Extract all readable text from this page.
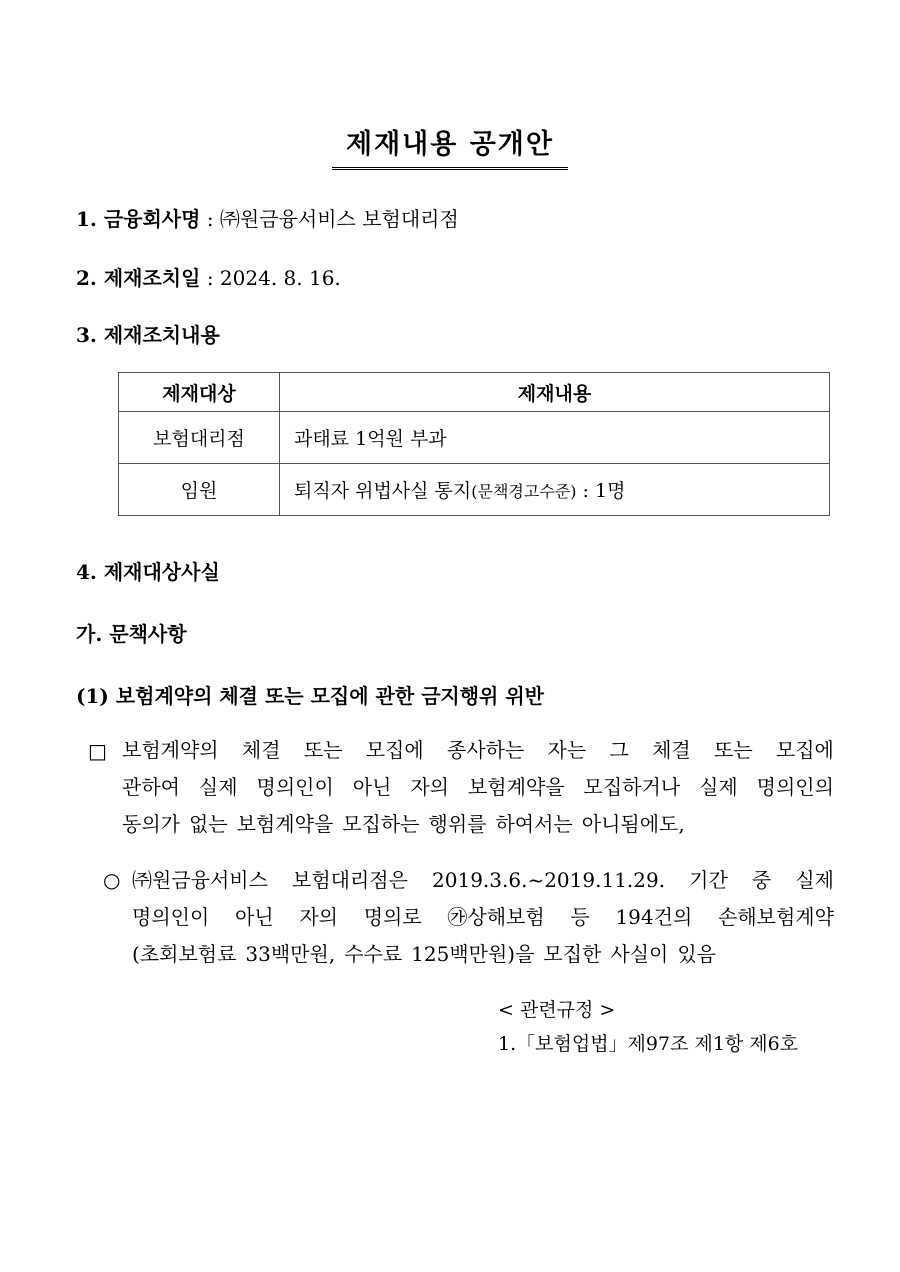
제재내용 공개안
1. 금융회사명 : ㈜원금융서비스 보험대리점
2. 제재조치일 : 2024. 8. 16.
3. 제재조치내용
제재대상	제재내용
보험대리점	과태료 1억원 부과
임원	퇴직자 위법사실 통지(문책경고수준) : 1명
4. 제재대상사실
가. 문책사항
(1) 보험계약의 체결 또는 모집에 관한 금지행위 위반
□ 보험계약의 체결 또는 모집에 종사하는 자는 그 체결 또는 모집에
관하여 실제 명의인이 아닌 자의 보험계약을 모집하거나 실제 명의인의
동의가 없는 보험계약을 모집하는 행위를 하여서는 아니됨에도,
○ ㈜원금융서비스 보험대리점은 2019.3.6.~2019.11.29. 기간 중 실제
명의인이 아닌 자의 명의로 ㉮상해보험 등 194건의 손해보험계약
(초회보험료 33백만원, 수수료 125백만원)을 모집한 사실이 있음
< 관련규정 >
1.「보험업법」제97조 제1항 제6호
